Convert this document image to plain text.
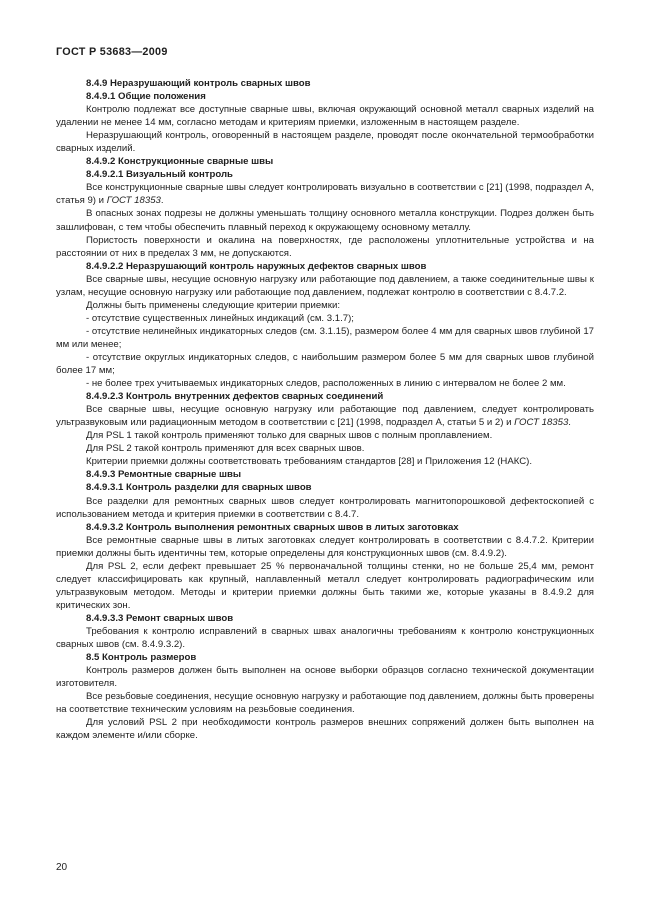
ГОСТ Р 53683—2009

8.4.9 Неразрушающий контроль сварных швов

8.4.9.1 Общие положения

Контролю подлежат все доступные сварные швы, включая окружающий основной металл сварных изделий на удалении не менее 14 мм, согласно методам и критериям приемки, изложенным в настоящем разделе.

Неразрушающий контроль, оговоренный в настоящем разделе, проводят после окончательной термообработки сварных изделий.

8.4.9.2 Конструкционные сварные швы

8.4.9.2.1 Визуальный контроль

Все конструкционные сварные швы следует контролировать визуально в соответствии с [21] (1998, подраздел А, статья 9) и ГОСТ 18353.

В опасных зонах подрезы не должны уменьшать толщину основного металла конструкции. Подрез должен быть зашлифован, с тем чтобы обеспечить плавный переход к окружающему основному металлу.

Пористость поверхности и окалина на поверхностях, где расположены уплотнительные устройства и на расстоянии от них в пределах 3 мм, не допускаются.

8.4.9.2.2 Неразрушающий контроль наружных дефектов сварных швов

Все сварные швы, несущие основную нагрузку или работающие под давлением, а также соединительные швы к узлам, несущие основную нагрузку или работающие под давлением, подлежат контролю в соответствии с 8.4.7.2.

Должны быть применены следующие критерии приемки:

- отсутствие существенных линейных индикаций (см. 3.1.7);

- отсутствие нелинейных индикаторных следов (см. 3.1.15), размером более 4 мм для сварных швов глубиной 17 мм или менее;

- отсутствие округлых индикаторных следов, с наибольшим размером более 5 мм для сварных швов глубиной более 17 мм;

- не более трех учитываемых индикаторных следов, расположенных в линию с интервалом не более 2 мм.

8.4.9.2.3 Контроль внутренних дефектов сварных соединений

Все сварные швы, несущие основную нагрузку или работающие под давлением, следует контролировать ультразвуковым или радиационным методом в соответствии с [21] (1998, подраздел А, статьи 5 и 2) и ГОСТ 18353.

Для PSL 1 такой контроль применяют только для сварных швов с полным проплавлением.

Для PSL 2 такой контроль применяют для всех сварных швов.

Критерии приемки должны соответствовать требованиям стандартов [28] и Приложения 12 (НАКС).

8.4.9.3 Ремонтные сварные швы

8.4.9.3.1 Контроль разделки для сварных швов

Все разделки для ремонтных сварных швов следует контролировать магнитопорошковой дефектоскопией с использованием метода и критерия приемки в соответствии с 8.4.7.

8.4.9.3.2 Контроль выполнения ремонтных сварных швов в литых заготовках

Все ремонтные сварные швы в литых заготовках следует контролировать в соответствии с 8.4.7.2. Критерии приемки должны быть идентичны тем, которые определены для конструкционных швов (см. 8.4.9.2).

Для PSL 2, если дефект превышает 25 % первоначальной толщины стенки, но не больше 25,4 мм, ремонт следует классифицировать как крупный, наплавленный металл следует контролировать радиографическим или ультразвуковым методом. Методы и критерии приемки должны быть такими же, которые указаны в 8.4.9.2 для критических зон.

8.4.9.3.3 Ремонт сварных швов

Требования к контролю исправлений в сварных швах аналогичны требованиям к контролю конструкционных сварных швов (см. 8.4.9.3.2).

8.5 Контроль размеров

Контроль размеров должен быть выполнен на основе выборки образцов согласно технической документации изготовителя.

Все резьбовые соединения, несущие основную нагрузку и работающие под давлением, должны быть проверены на соответствие техническим условиям на резьбовые соединения.

Для условий PSL 2 при необходимости контроль размеров внешних сопряжений должен быть выполнен на каждом элементе и/или сборке.

20
